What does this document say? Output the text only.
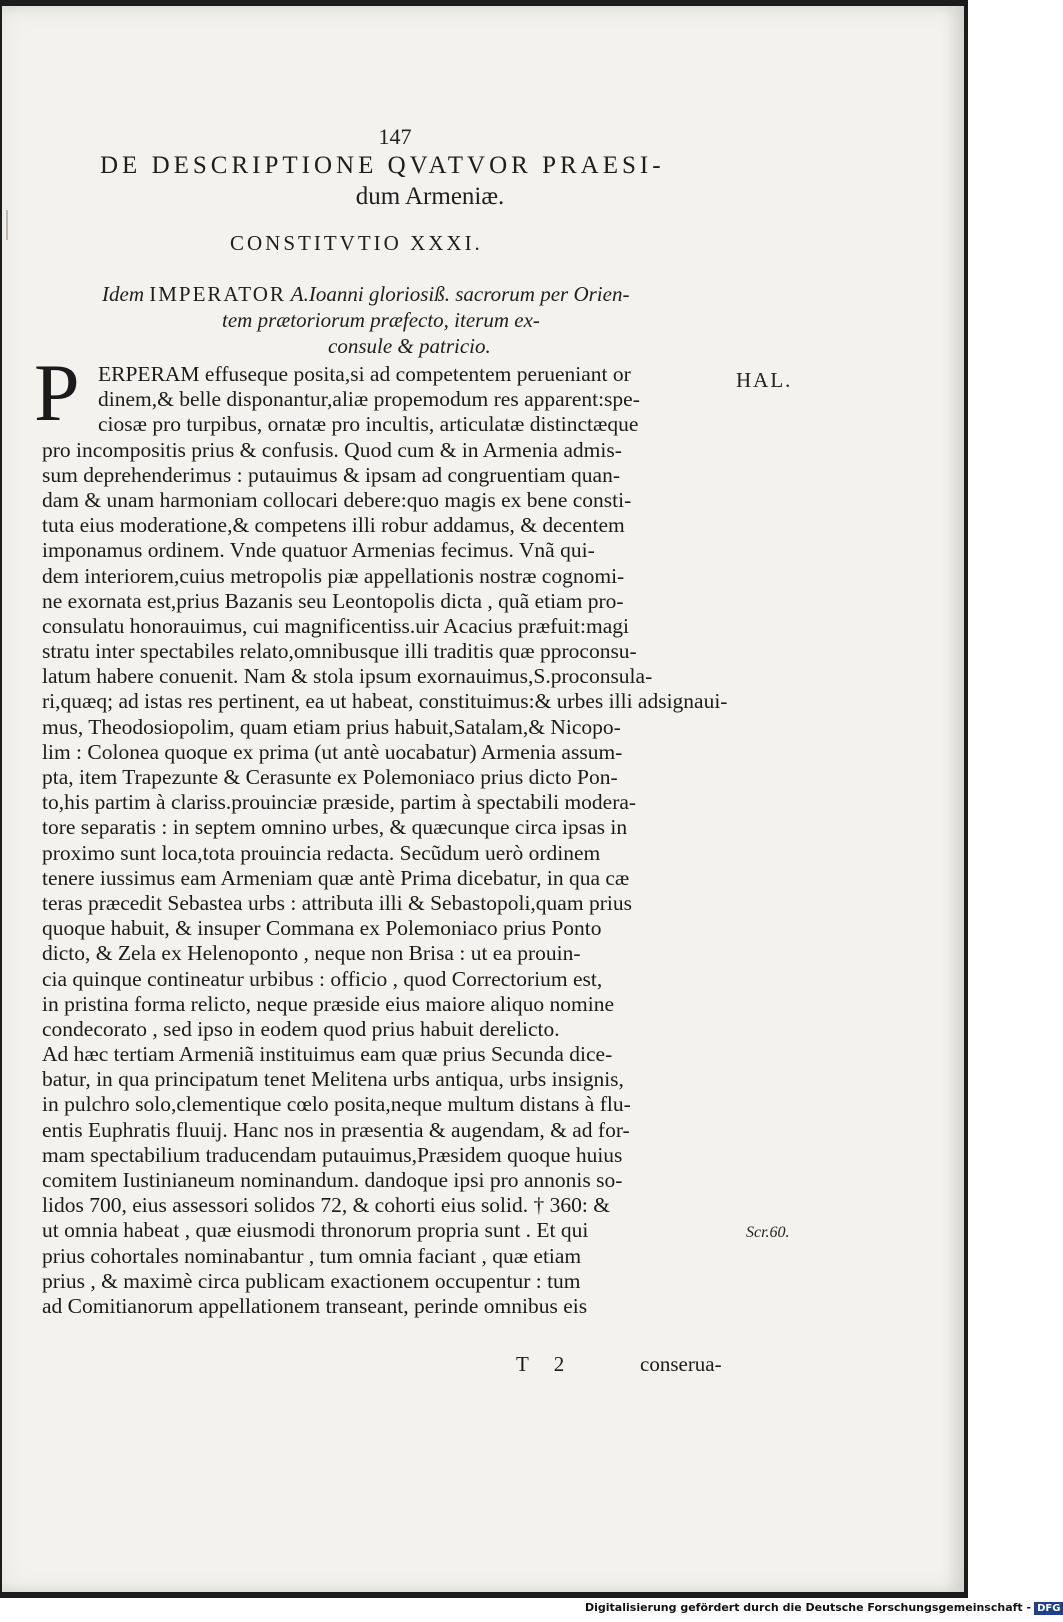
147
DE DESCRIPTIONE QVATVOR PRAESI-
dum Armeniæ.
CONSTITVTIO XXXI.
Idem IMPERATOR A.Ioanni gloriosiß. sacrorum per Orien-
tem prætoriorum præfecto, iterum ex-
consule & patricio.
P	HAL.
Scr.60.
ERPERAM effuseque posita,si ad competentem perueniant or
dinem,& belle disponantur,aliæ propemodum res apparent:spe-
ciosæ pro turpibus, ornatæ pro incultis, articulatæ distinctæque
pro incompositis prius & confusis. Quod cum & in Armenia admis-
sum deprehenderimus : putauimus & ipsam ad congruentiam quan-
dam & unam harmoniam collocari debere:quo magis ex bene consti-
tuta eius moderatione,& competens illi robur addamus, & decentem
imponamus ordinem. Vnde quatuor Armenias fecimus. Vnã qui-
dem interiorem,cuius metropolis piæ appellationis nostræ cognomi-
ne exornata est,prius Bazanis seu Leontopolis dicta , quã etiam pro-
consulatu honorauimus, cui magnificentiss.uir Acacius præfuit:magi
stratu inter spectabiles relato,omnibusque illi traditis quæ pproconsu-
latum habere conuenit. Nam & stola ipsum exornauimus,S.proconsula-
ri,quæq; ad istas res pertinent, ea ut habeat, constituimus:& urbes illi adsignaui-
mus, Theodosiopolim, quam etiam prius habuit,Satalam,& Nicopo-
lim : Colonea quoque ex prima (ut antè uocabatur) Armenia assum-
pta, item Trapezunte & Cerasunte ex Polemoniaco prius dicto Pon-
to,his partim à clariss.prouinciæ præside, partim à spectabili modera-
tore separatis : in septem omnino urbes, & quæcunque circa ipsas in
proximo sunt loca,tota prouincia redacta. Secũdum uerò ordinem
tenere iussimus eam Armeniam quæ antè Prima dicebatur, in qua cæ
teras præcedit Sebastea urbs : attributa illi & Sebastopoli,quam prius
quoque habuit, & insuper Commana ex Polemoniaco prius Ponto
dicto, & Zela ex Helenoponto , neque non Brisa : ut ea prouin-
cia quinque contineatur urbibus : officio , quod Correctorium est,
in pristina forma relicto, neque præside eius maiore aliquo nomine
condecorato , sed ipso in eodem quod prius habuit derelicto.
Ad hæc tertiam Armeniã instituimus eam quæ prius Secunda dice-
batur, in qua principatum tenet Melitena urbs antiqua, urbs insignis,
in pulchro solo,clementique cœlo posita,neque multum distans à flu-
entis Euphratis fluuij. Hanc nos in præsentia & augendam, & ad for-
mam spectabilium traducendam putauimus,Præsidem quoque huius
comitem Iustinianeum nominandum. dandoque ipsi pro annonis so-
lidos 700, eius assessori solidos 72, & cohorti eius solid. † 360: &
ut omnia habeat , quæ eiusmodi thronorum propria sunt . Et qui
prius cohortales nominabantur , tum omnia faciant , quæ etiam
prius , & maximè circa publicam exactionem occupentur : tum
ad Comitianorum appellationem transeant, perinde omnibus eis
T 2	conserua-
Digitalisierung gefördert durch die Deutsche Forschungsgemeinschaft - DFG
